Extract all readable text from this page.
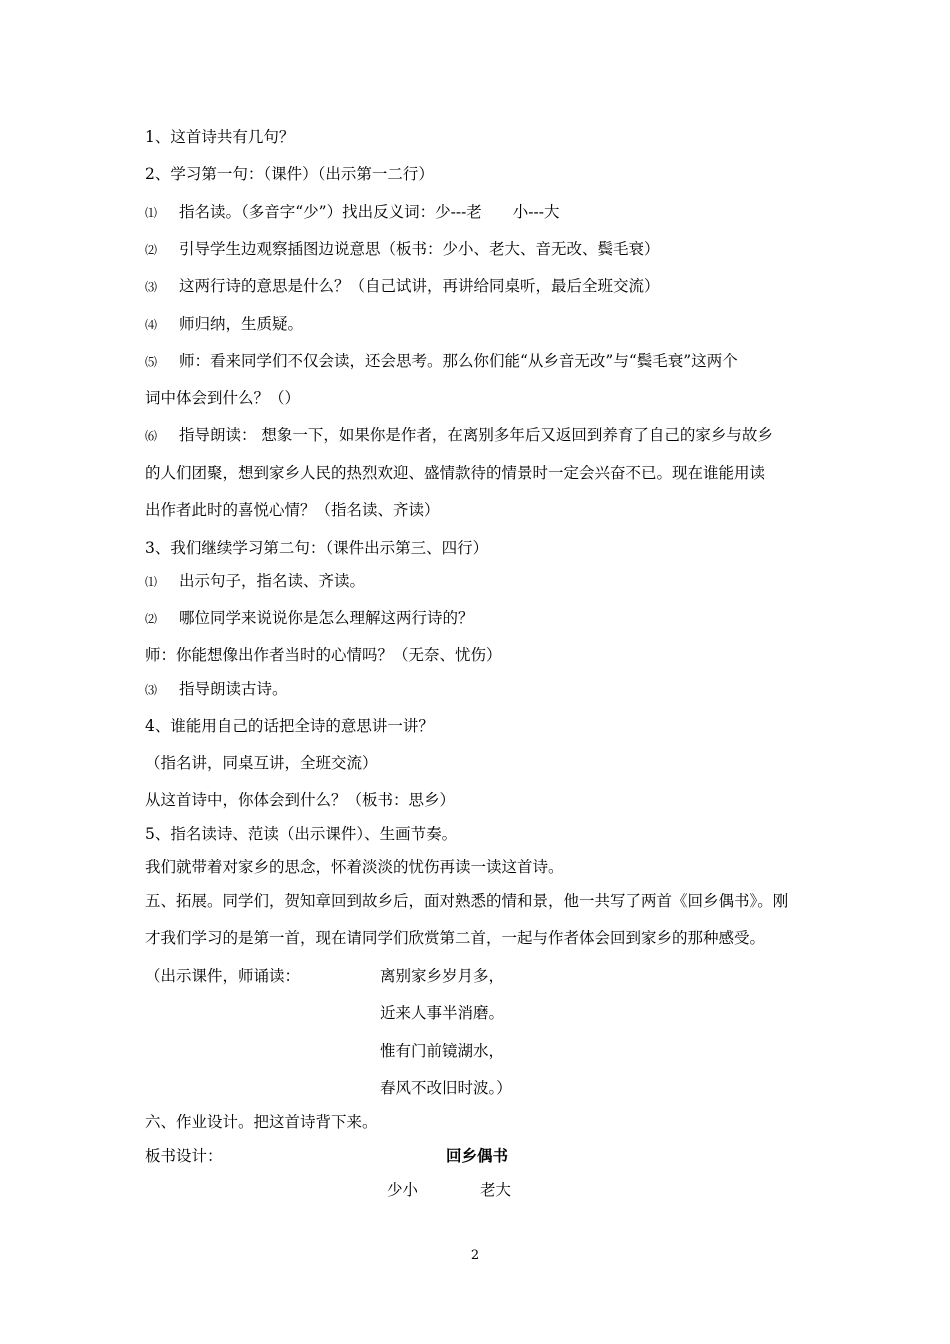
1、这首诗共有几句？
2、学习第一句：（课件）（出示第一二行）
⑴ 指名读。（多音字“少”）找出反义词：少---老　　小---大
⑵ 引导学生边观察插图边说意思（板书：少小、老大、音无改、鬓毛衰）
⑶ 这两行诗的意思是什么？（自己试讲，再讲给同桌听，最后全班交流）
⑷ 师归纳，生质疑。
⑸ 师：看来同学们不仅会读，还会思考。那么你们能“从乡音无改”与“鬓毛衰”这两个
词中体会到什么？（）
⑹ 指导朗读： 想象一下，如果你是作者，在离别多年后又返回到养育了自己的家乡与故乡
的人们团聚，想到家乡人民的热烈欢迎、盛情款待的情景时一定会兴奋不已。现在谁能用读
出作者此时的喜悦心情？（指名读、齐读）
3、我们继续学习第二句：（课件出示第三、四行）
⑴ 出示句子，指名读、齐读。
⑵ 哪位同学来说说你是怎么理解这两行诗的？
师：你能想像出作者当时的心情吗？（无奈、忧伤）
⑶ 指导朗读古诗。
4、谁能用自己的话把全诗的意思讲一讲？
（指名讲，同桌互讲，全班交流）
从这首诗中，你体会到什么？（板书：思乡）
5、指名读诗、范读（出示课件）、生画节奏。
我们就带着对家乡的思念，怀着淡淡的忧伤再读一读这首诗。
五、拓展。同学们，贺知章回到故乡后，面对熟悉的情和景，他一共写了两首《回乡偶书》。刚
才我们学习的是第一首，现在请同学们欣赏第二首，一起与作者体会回到家乡的那种感受。
（出示课件，师诵读：	离别家乡岁月多，
近来人事半消磨。
惟有门前镜湖水，
春风不改旧时波。）
六、作业设计。把这首诗背下来。
板书设计：	回乡偶书
少小	老大
2
